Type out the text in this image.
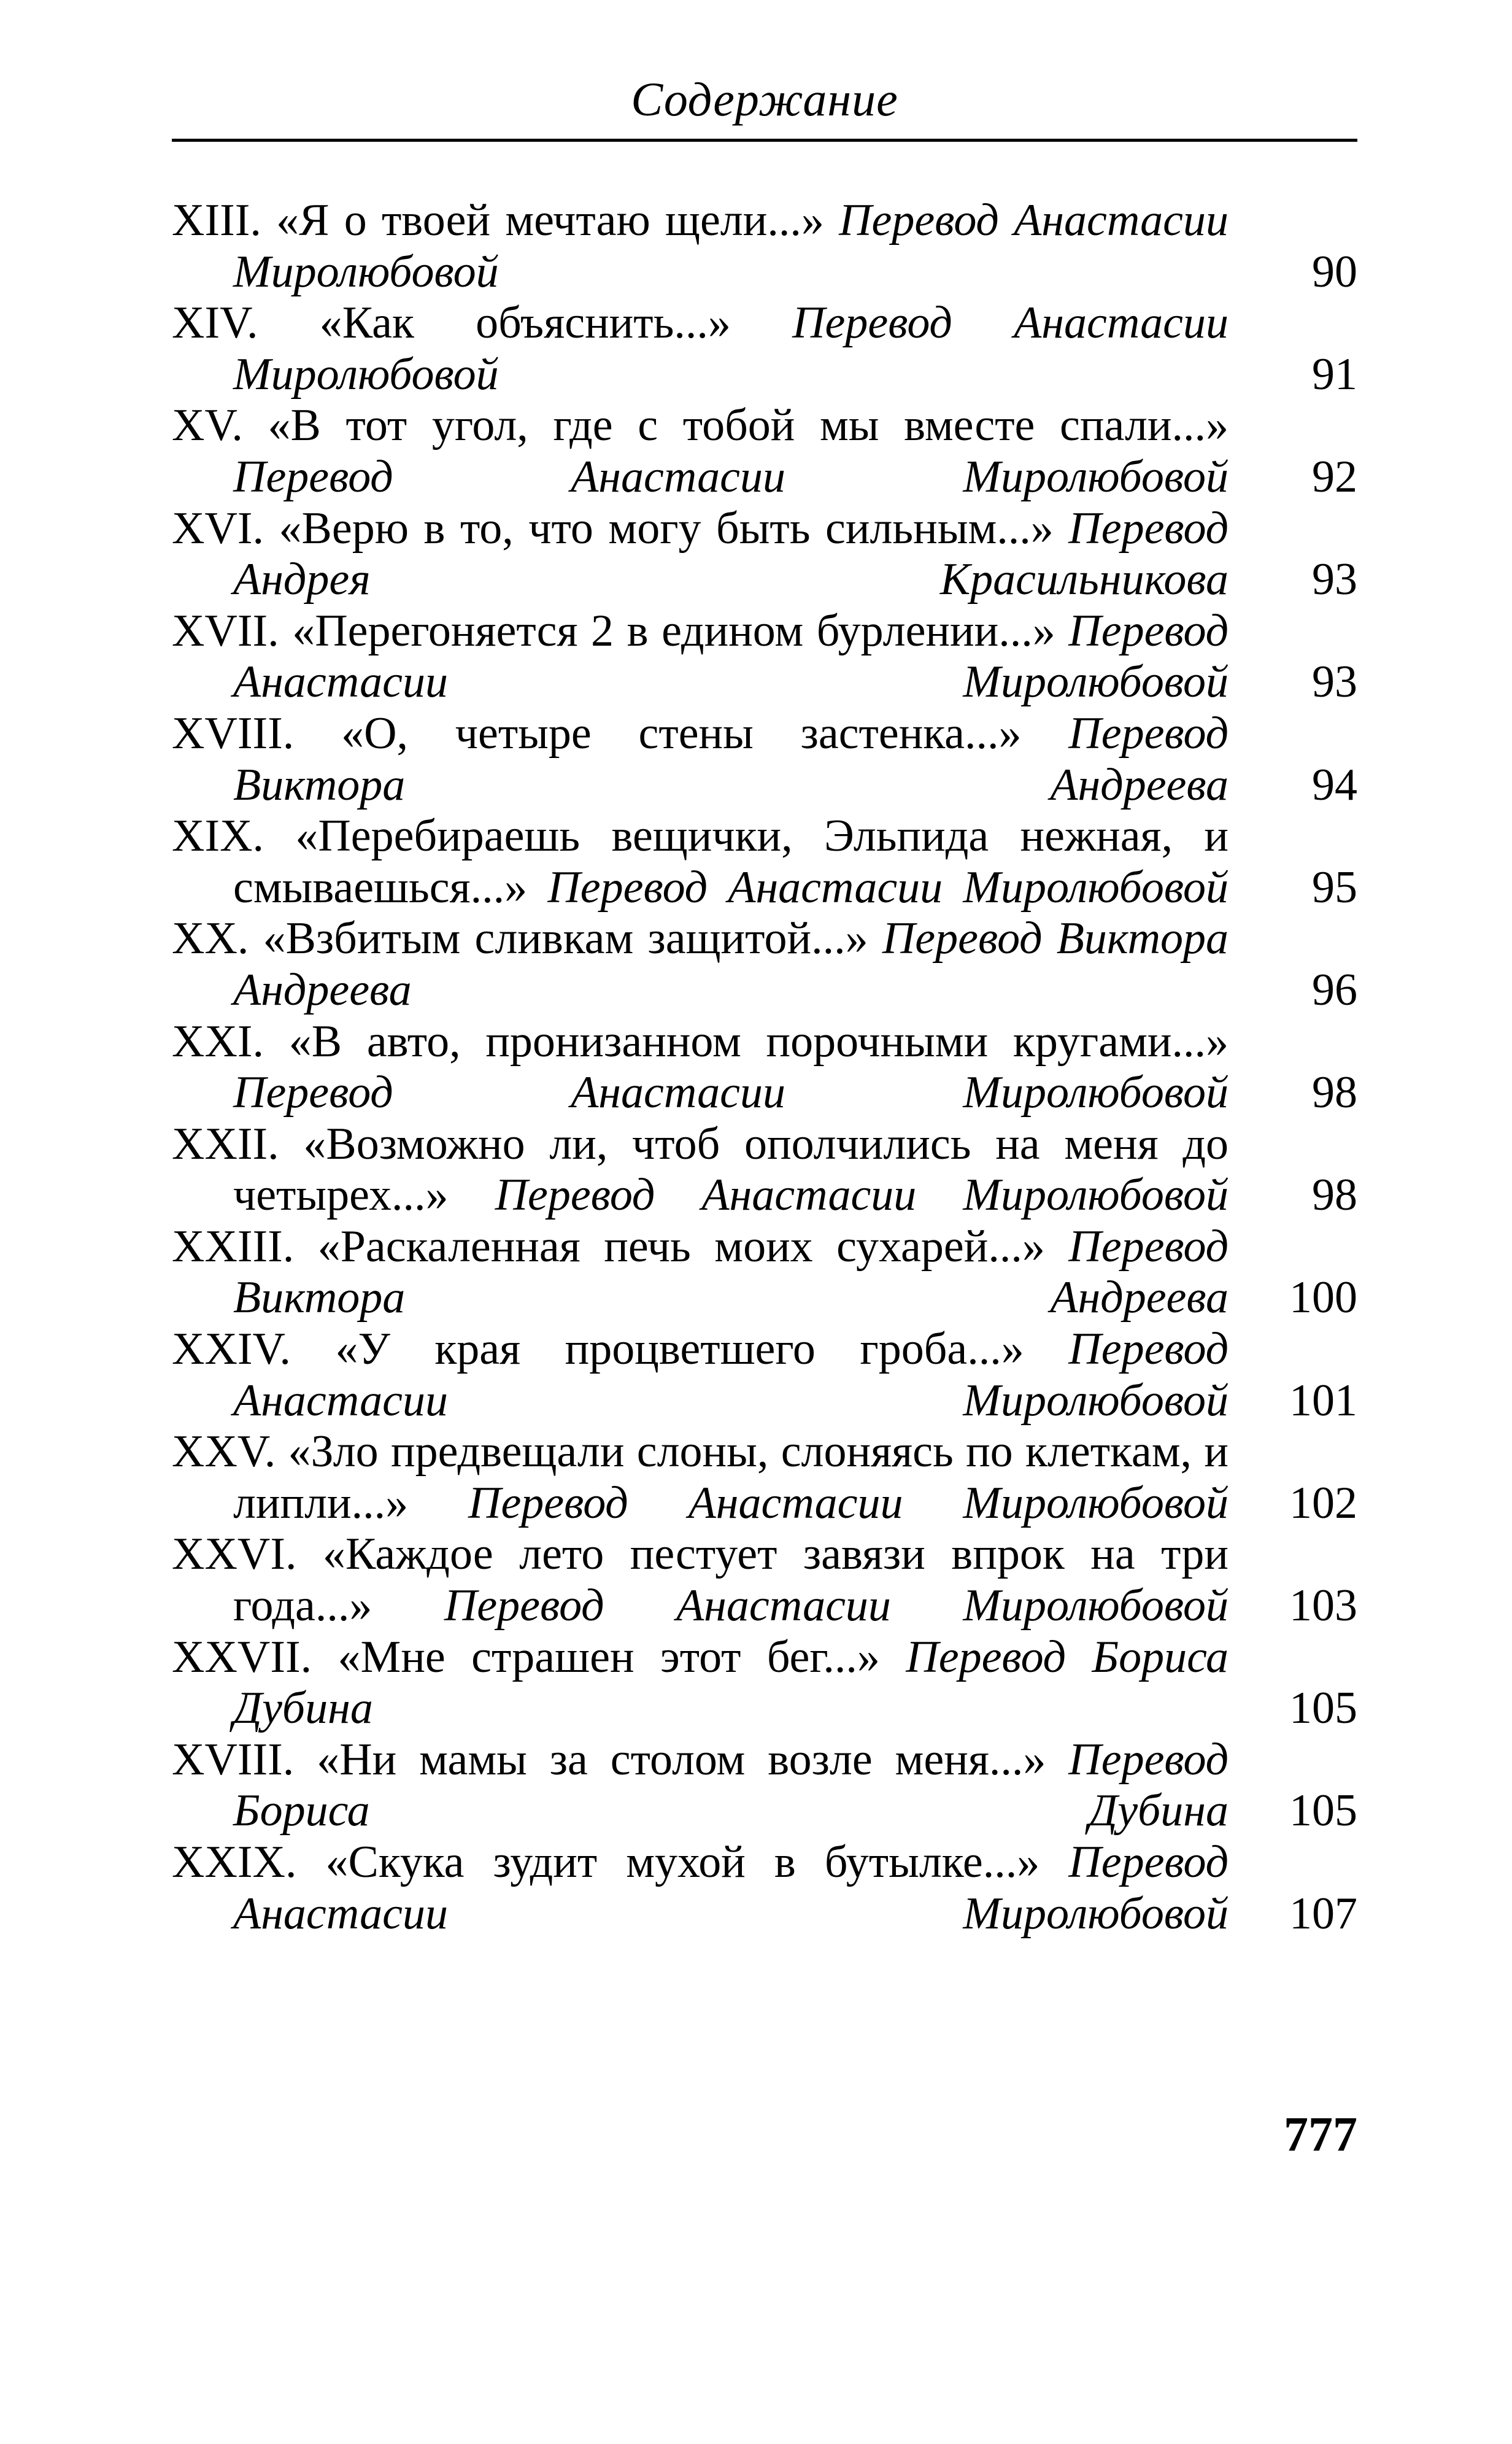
Содержание
XIII. «Я о твоей мечтаю щели...» Перевод Анастасии Миролюбовой	90
XIV. «Как объяснить...» Перевод Анастасии Миролюбовой	91
XV. «В тот угол, где с тобой мы вместе спали...» Перевод Анастасии Миролюбовой 92
XVI. «Верю в то, что могу быть сильным...» Перевод Андрея Красильникова 93
XVII. «Перегоняется 2 в едином бурлении...» Перевод Анастасии Миролюбовой 93
XVIII. «О, четыре стены застенка...» Перевод Виктора Андреева 94
XIX. «Перебираешь вещички, Эльпида нежная, и смываешься...» Перевод Анастасии Миролюбовой 95
XX. «Взбитым сливкам защитой...» Перевод Виктора Андреева	96
XXI. «В авто, пронизанном порочными кругами...» Перевод Анастасии Миролюбовой 98
XXII. «Возможно ли, чтоб ополчились на меня до четырех...» Перевод Анастасии Миролюбовой 98
XXIII. «Раскаленная печь моих сухарей...» Перевод Виктора Андреева 100
XXIV. «У края процветшего гроба...» Перевод Анастасии Миролюбовой 101
XXV. «Зло предвещали слоны, слоняясь по клеткам, и липли...» Перевод Анастасии Миролюбовой 102
XXVI. «Каждое лето пестует завязи впрок на три года...» Перевод Анастасии Миролюбовой 103
XXVII. «Мне страшен этот бег...» Перевод Бориса Дубина	105
XVIII. «Ни мамы за столом возле меня...» Перевод Бориса Дубина 105
XXIX. «Скука зудит мухой в бутылке...» Перевод Анастасии Миролюбовой 107
777
